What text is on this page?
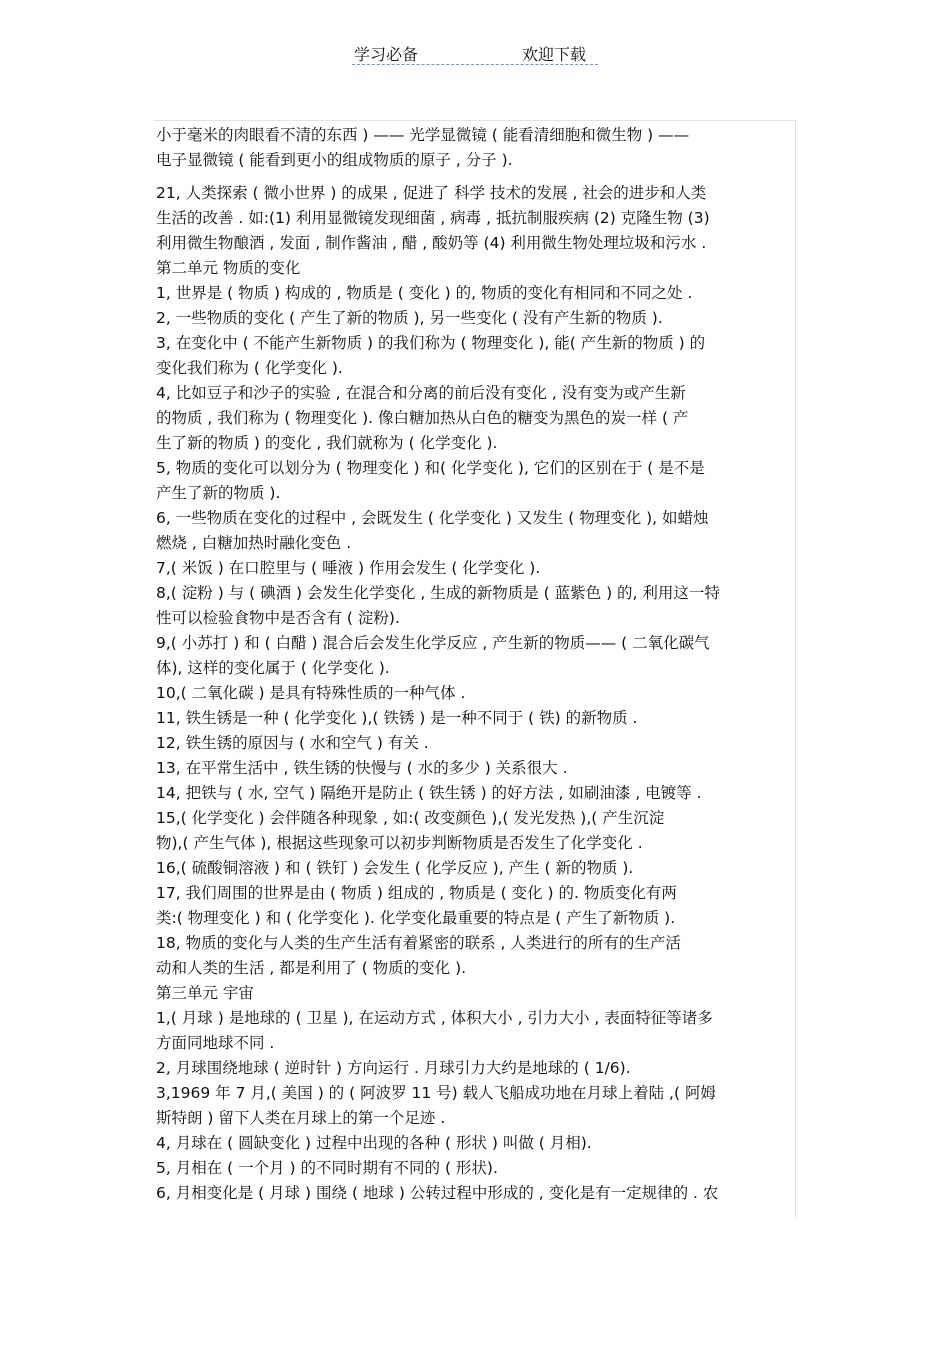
学习必备	欢迎下载
小于毫米的肉眼看不清的东西 ) —— 光学显微镜 ( 能看清细胞和微生物 ) ——
电子显微镜 ( 能看到更小的组成物质的原子 , 分子 ).
21, 人类探索 ( 微小世界 ) 的成果 , 促进了 科学 技术的发展 , 社会的进步和人类
生活的改善 . 如:(1) 利用显微镜发现细菌 , 病毒 , 抵抗制服疾病 (2) 克隆生物 (3)
利用微生物酿酒 , 发面 , 制作酱油 , 醋 , 酸奶等 (4) 利用微生物处理垃圾和污水 .
第二单元 物质的变化
1, 世界是 ( 物质 ) 构成的 , 物质是 ( 变化 ) 的, 物质的变化有相同和不同之处 .
2, 一些物质的变化 ( 产生了新的物质 ), 另一些变化 ( 没有产生新的物质 ).
3, 在变化中 ( 不能产生新物质 ) 的我们称为 ( 物理变化 ), 能( 产生新的物质 ) 的
变化我们称为 ( 化学变化 ).
4, 比如豆子和沙子的实验 , 在混合和分离的前后没有变化 , 没有变为或产生新
的物质 , 我们称为 ( 物理变化 ). 像白糖加热从白色的糖变为黑色的炭一样 ( 产
生了新的物质 ) 的变化 , 我们就称为 ( 化学变化 ).
5, 物质的变化可以划分为 ( 物理变化 ) 和( 化学变化 ), 它们的区别在于 ( 是不是
产生了新的物质 ).
6, 一些物质在变化的过程中 , 会既发生 ( 化学变化 ) 又发生 ( 物理变化 ), 如蜡烛
燃烧 , 白糖加热时融化变色 .
7,( 米饭 ) 在口腔里与 ( 唾液 ) 作用会发生 ( 化学变化 ).
8,( 淀粉 ) 与 ( 碘酒 ) 会发生化学变化 , 生成的新物质是 ( 蓝紫色 ) 的, 利用这一特
性可以检验食物中是否含有 ( 淀粉).
9,( 小苏打 ) 和 ( 白醋 ) 混合后会发生化学反应 , 产生新的物质—— ( 二氧化碳气
体), 这样的变化属于 ( 化学变化 ).
10,( 二氧化碳 ) 是具有特殊性质的一种气体 .
11, 铁生锈是一种 ( 化学变化 ),( 铁锈 ) 是一种不同于 ( 铁) 的新物质 .
12, 铁生锈的原因与 ( 水和空气 ) 有关 .
13, 在平常生活中 , 铁生锈的快慢与 ( 水的多少 ) 关系很大 .
14, 把铁与 ( 水, 空气 ) 隔绝开是防止 ( 铁生锈 ) 的好方法 , 如刷油漆 , 电镀等 .
15,( 化学变化 ) 会伴随各种现象 , 如:( 改变颜色 ),( 发光发热 ),( 产生沉淀
物),( 产生气体 ), 根据这些现象可以初步判断物质是否发生了化学变化 .
16,( 硫酸铜溶液 ) 和 ( 铁钉 ) 会发生 ( 化学反应 ), 产生 ( 新的物质 ).
17, 我们周围的世界是由 ( 物质 ) 组成的 , 物质是 ( 变化 ) 的. 物质变化有两
类:( 物理变化 ) 和 ( 化学变化 ). 化学变化最重要的特点是 ( 产生了新物质 ).
18, 物质的变化与人类的生产生活有着紧密的联系 , 人类进行的所有的生产活
动和人类的生活 , 都是利用了 ( 物质的变化 ).
第三单元 宇宙
1,( 月球 ) 是地球的 ( 卫星 ), 在运动方式 , 体积大小 , 引力大小 , 表面特征等诸多
方面同地球不同 .
2, 月球围绕地球 ( 逆时针 ) 方向运行 . 月球引力大约是地球的 ( 1/6).
3,1969 年 7 月,( 美国 ) 的 ( 阿波罗 11 号) 载人飞船成功地在月球上着陆 ,( 阿姆
斯特朗 ) 留下人类在月球上的第一个足迹 .
4, 月球在 ( 圆缺变化 ) 过程中出现的各种 ( 形状 ) 叫做 ( 月相).
5, 月相在 ( 一个月 ) 的不同时期有不同的 ( 形状).
6, 月相变化是 ( 月球 ) 围绕 ( 地球 ) 公转过程中形成的 , 变化是有一定规律的 . 农
